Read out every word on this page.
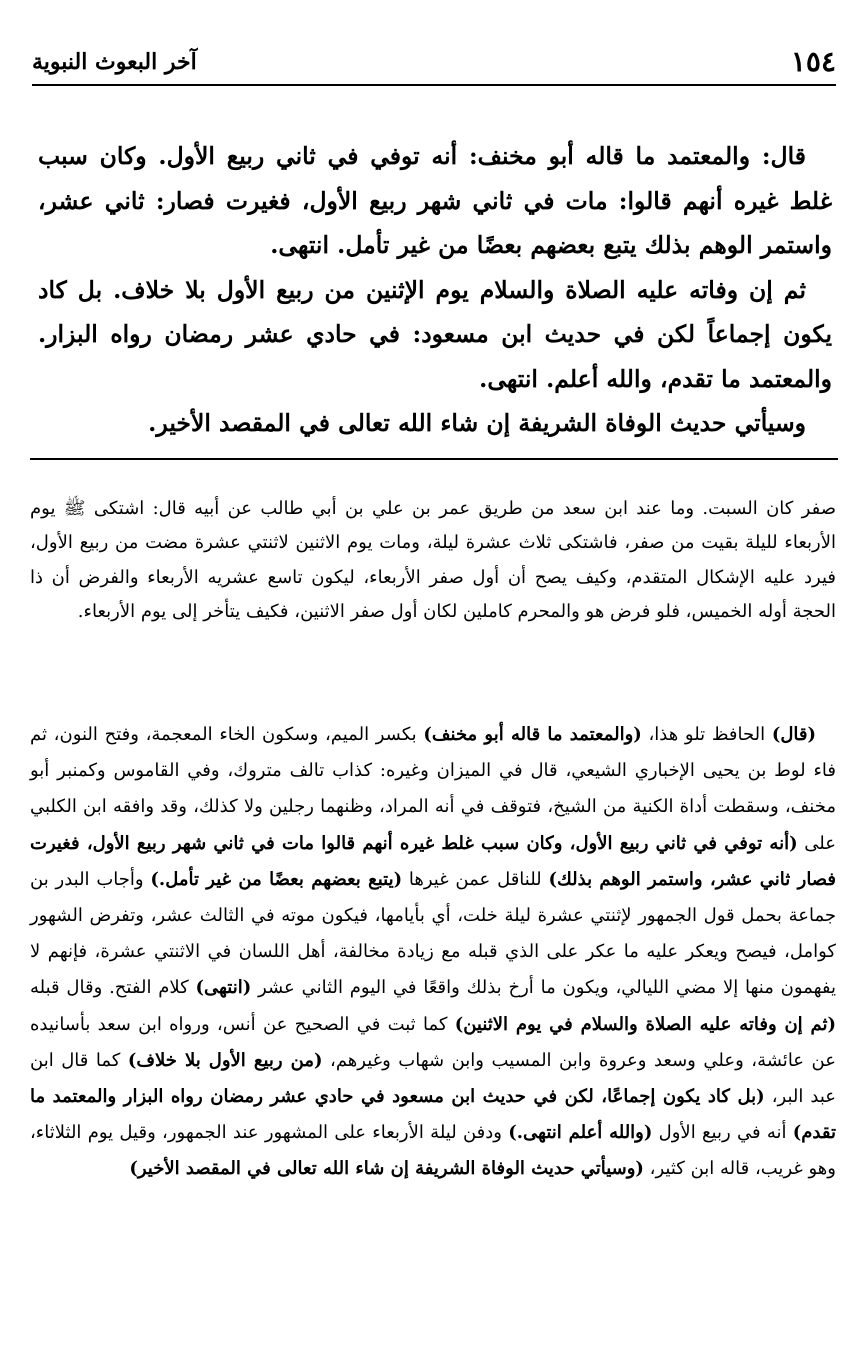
١٥٤
آخر البعوث النبوية

قال: والمعتمد ما قاله أبو مخنف: أنه توفي في ثاني ربيع الأول. وكان سبب غلط غيره أنهم قالوا: مات في ثاني شهر ربيع الأول، فغيرت فصار: ثاني عشر، واستمر الوهم بذلك يتبع بعضهم بعضًا من غير تأمل. انتهى.

ثم إن وفاته عليه الصلاة والسلام يوم الإثنين من ربيع الأول بلا خلاف. بل كاد يكون إجماعاً لكن في حديث ابن مسعود: في حادي عشر رمضان رواه البزار. والمعتمد ما تقدم، والله أعلم. انتهى.

وسيأتي حديث الوفاة الشريفة إن شاء الله تعالى في المقصد الأخير.

صفر كان السبت. وما عند ابن سعد من طريق عمر بن علي بن أبي طالب عن أبيه قال: اشتكى ﷺ يوم الأربعاء لليلة بقيت من صفر، فاشتكى ثلاث عشرة ليلة، ومات يوم الاثنين لاثنتي عشرة مضت من ربيع الأول، فيرد عليه الإشكال المتقدم، وكيف يصح أن أول صفر الأربعاء، ليكون تاسع عشريه الأربعاء والفرض أن ذا الحجة أوله الخميس، فلو فرض هو والمحرم كاملين لكان أول صفر الاثنين، فكيف يتأخر إلى يوم الأربعاء.

(قال) الحافظ تلو هذا، (والمعتمد ما قاله أبو مخنف) بكسر الميم، وسكون الخاء المعجمة، وفتح النون، ثم فاء لوط بن يحيى الإخباري الشيعي، قال في الميزان وغيره: كذاب تالف متروك، وفي القاموس وكمنبر أبو مخنف، وسقطت أداة الكنية من الشيخ، فتوقف في أنه المراد، وظنهما رجلين ولا كذلك، وقد وافقه ابن الكلبي على (أنه توفي في ثاني ربيع الأول، وكان سبب غلط غيره أنهم قالوا مات في ثاني شهر ربيع الأول، فغيرت فصار ثاني عشر، واستمر الوهم بذلك) للناقل عمن غيرها (يتبع بعضهم بعضًا من غير تأمل.) وأجاب البدر بن جماعة بحمل قول الجمهور لإثنتي عشرة ليلة خلت، أي بأيامها، فيكون موته في الثالث عشر، وتفرض الشهور كوامل، فيصح ويعكر عليه ما عكر على الذي قبله مع زيادة مخالفة، أهل اللسان في الاثنتي عشرة، فإنهم لا يفهمون منها إلا مضي الليالي، ويكون ما أرخ بذلك واقعًا في اليوم الثاني عشر (انتهى) كلام الفتح. وقال قبله (ثم إن وفاته عليه الصلاة والسلام في يوم الاثنين) كما ثبت في الصحيح عن أنس، ورواه ابن سعد بأسانيده عن عائشة، وعلي وسعد وعروة وابن المسيب وابن شهاب وغيرهم، (من ربيع الأول بلا خلاف) كما قال ابن عبد البر، (بل كاد يكون إجماعًا، لكن في حديث ابن مسعود في حادي عشر رمضان رواه البزار والمعتمد ما تقدم) أنه في ربيع الأول (والله أعلم انتهى.) ودفن ليلة الأربعاء على المشهور عند الجمهور، وقيل يوم الثلاثاء، وهو غريب، قاله ابن كثير، (وسيأتي حديث الوفاة الشريفة إن شاء الله تعالى في المقصد الأخير)
